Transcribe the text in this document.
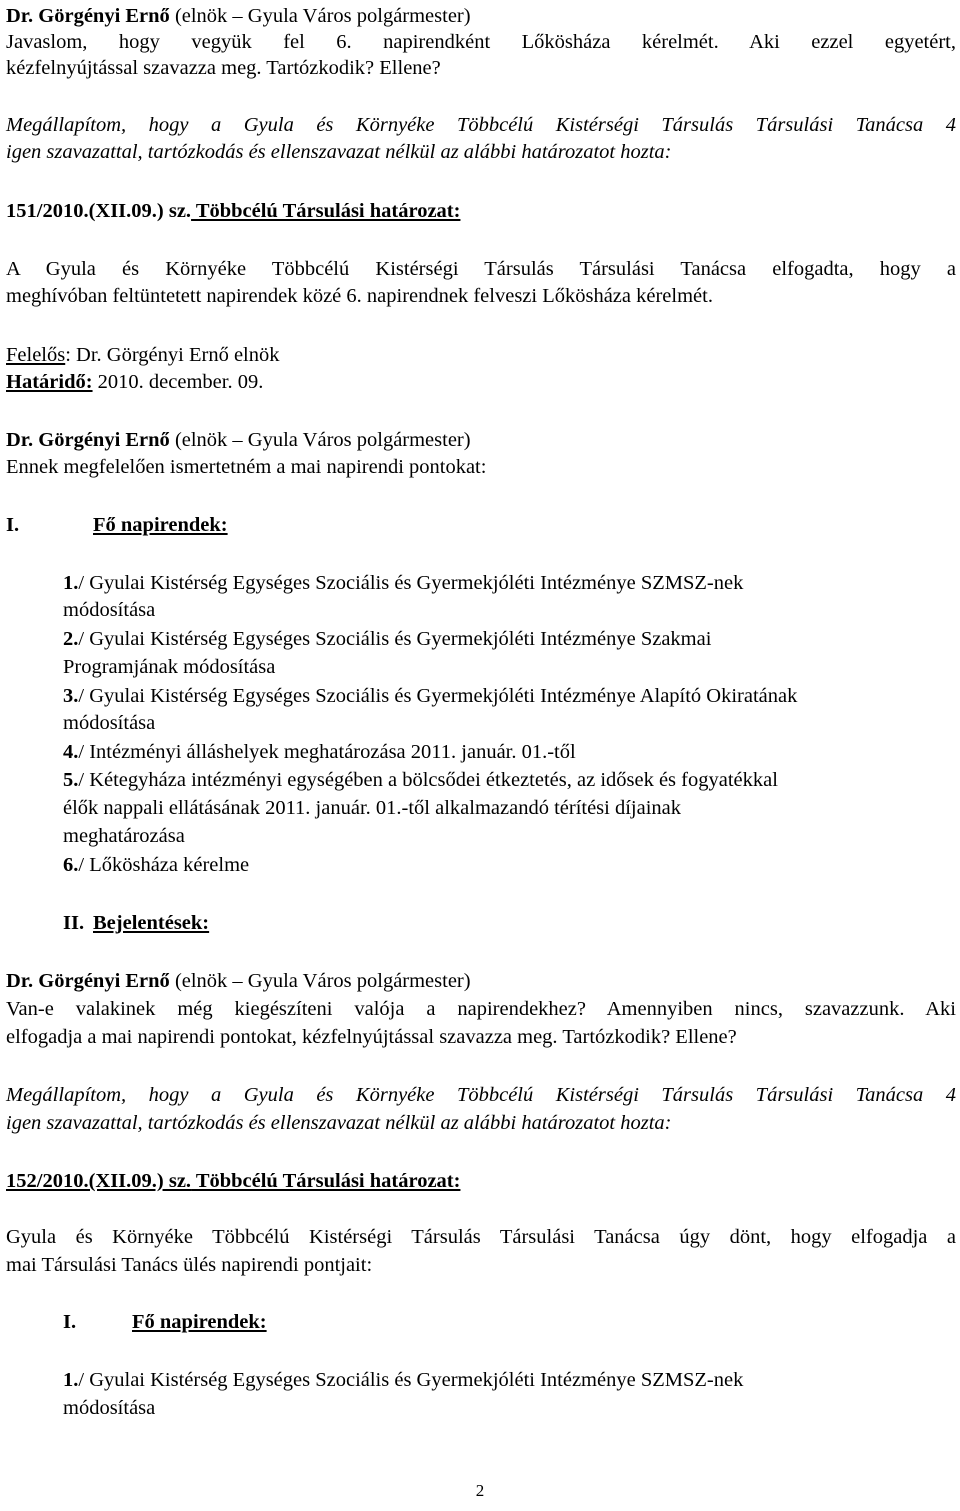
Dr. Görgényi Ernő (elnök – Gyula Város polgármester)
Javaslom, hogy vegyük fel 6. napirendként Lőkösháza kérelmét. Aki ezzel egyetért,
kézfelnyújtással szavazza meg. Tartózkodik? Ellene?
Megállapítom, hogy a Gyula és Környéke Többcélú Kistérségi Társulás Társulási Tanácsa 4
igen szavazattal, tartózkodás és ellenszavazat nélkül az alábbi határozatot hozta:
151/2010.(XII.09.) sz. Többcélú Társulási határozat:
A Gyula és Környéke Többcélú Kistérségi Társulás Társulási Tanácsa elfogadta, hogy a
meghívóban feltüntetett napirendek közé 6. napirendnek felveszi Lőkösháza kérelmét.
Felelős: Dr. Görgényi Ernő elnök
Határidő: 2010. december. 09.
Dr. Görgényi Ernő (elnök – Gyula Város polgármester)
Ennek megfelelően ismertetném a mai napirendi pontokat:
I.	Fő napirendek:
1./ Gyulai Kistérség Egységes Szociális és Gyermekjóléti Intézménye SZMSZ-nek
módosítása
2./ Gyulai Kistérség Egységes Szociális és Gyermekjóléti Intézménye Szakmai
Programjának módosítása
3./ Gyulai Kistérség Egységes Szociális és Gyermekjóléti Intézménye Alapító Okiratának
módosítása
4./ Intézményi álláshelyek meghatározása 2011. január. 01.-től
5./ Kétegyháza intézményi egységében a bölcsődei étkeztetés, az idősek és fogyatékkal
élők nappali ellátásának 2011. január. 01.-től alkalmazandó térítési díjainak
meghatározása
6./ Lőkösháza kérelme
II. Bejelentések:
Dr. Görgényi Ernő (elnök – Gyula Város polgármester)
Van-e valakinek még kiegészíteni valója a napirendekhez? Amennyiben nincs, szavazzunk. Aki
elfogadja a mai napirendi pontokat, kézfelnyújtással szavazza meg. Tartózkodik? Ellene?
Megállapítom, hogy a Gyula és Környéke Többcélú Kistérségi Társulás Társulási Tanácsa 4
igen szavazattal, tartózkodás és ellenszavazat nélkül az alábbi határozatot hozta:
152/2010.(XII.09.) sz. Többcélú Társulási határozat:
Gyula és Környéke Többcélú Kistérségi Társulás Társulási Tanácsa úgy dönt, hogy elfogadja a
mai Társulási Tanács ülés napirendi pontjait:
I.	Fő napirendek:
1./ Gyulai Kistérség Egységes Szociális és Gyermekjóléti Intézménye SZMSZ-nek
módosítása
2
